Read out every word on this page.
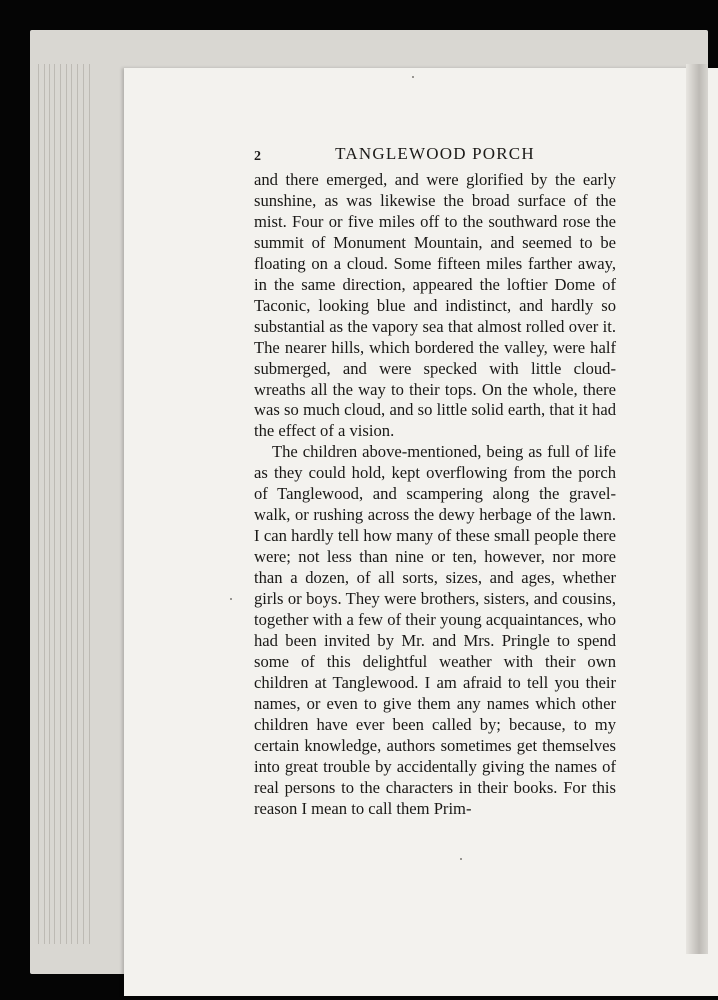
2	TANGLEWOOD PORCH

and there emerged, and were glorified by the early sunshine, as was likewise the broad surface of the mist. Four or five miles off to the southward rose the summit of Monument Mountain, and seemed to be floating on a cloud. Some fifteen miles farther away, in the same direction, appeared the loftier Dome of Taconic, looking blue and indistinct, and hardly so substantial as the vapory sea that almost rolled over it. The nearer hills, which bordered the valley, were half submerged, and were specked with little cloud-wreaths all the way to their tops. On the whole, there was so much cloud, and so little solid earth, that it had the effect of a vision.

The children above-mentioned, being as full of life as they could hold, kept overflowing from the porch of Tanglewood, and scampering along the gravel-walk, or rushing across the dewy herbage of the lawn. I can hardly tell how many of these small people there were; not less than nine or ten, however, nor more than a dozen, of all sorts, sizes, and ages, whether girls or boys. They were brothers, sisters, and cousins, together with a few of their young acquaintances, who had been invited by Mr. and Mrs. Pringle to spend some of this delightful weather with their own children at Tanglewood. I am afraid to tell you their names, or even to give them any names which other children have ever been called by; because, to my certain knowledge, authors sometimes get themselves into great trouble by accidentally giving the names of real persons to the characters in their books. For this reason I mean to call them Prim-
